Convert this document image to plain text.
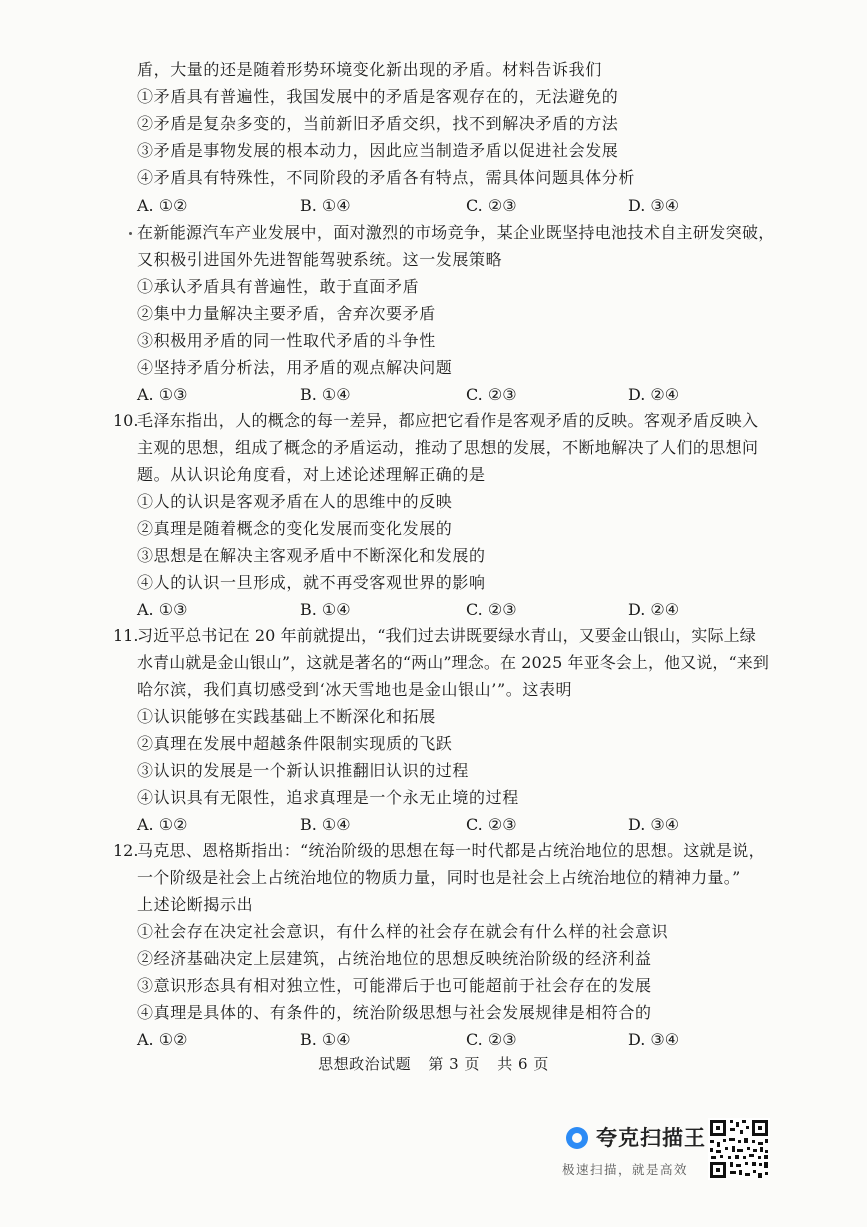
盾，大量的还是随着形势环境变化新出现的矛盾。材料告诉我们
①矛盾具有普遍性，我国发展中的矛盾是客观存在的，无法避免的
②矛盾是复杂多变的，当前新旧矛盾交织，找不到解决矛盾的方法
③矛盾是事物发展的根本动力，因此应当制造矛盾以促进社会发展
④矛盾具有特殊性，不同阶段的矛盾各有特点，需具体问题具体分析
A. ①②	B. ①④	C. ②③	D. ③④
在新能源汽车产业发展中，面对激烈的市场竞争，某企业既坚持电池技术自主研发突破，
又积极引进国外先进智能驾驶系统。这一发展策略
①承认矛盾具有普遍性，敢于直面矛盾
②集中力量解决主要矛盾，舍弃次要矛盾
③积极用矛盾的同一性取代矛盾的斗争性
④坚持矛盾分析法，用矛盾的观点解决问题
A. ①③	B. ①④	C. ②③	D. ②④
10.
毛泽东指出，人的概念的每一差异，都应把它看作是客观矛盾的反映。客观矛盾反映入
主观的思想，组成了概念的矛盾运动，推动了思想的发展，不断地解决了人们的思想问
题。从认识论角度看，对上述论述理解正确的是
①人的认识是客观矛盾在人的思维中的反映
②真理是随着概念的变化发展而变化发展的
③思想是在解决主客观矛盾中不断深化和发展的
④人的认识一旦形成，就不再受客观世界的影响
A. ①③	B. ①④	C. ②③	D. ②④
11.
习近平总书记在 20 年前就提出，“我们过去讲既要绿水青山，又要金山银山，实际上绿
水青山就是金山银山”，这就是著名的“两山”理念。在 2025 年亚冬会上，他又说，“来到
哈尔滨，我们真切感受到‘冰天雪地也是金山银山’”。这表明
①认识能够在实践基础上不断深化和拓展
②真理在发展中超越条件限制实现质的飞跃
③认识的发展是一个新认识推翻旧认识的过程
④认识具有无限性，追求真理是一个永无止境的过程
A. ①②	B. ①④	C. ②③	D. ③④
12.
马克思、恩格斯指出：“统治阶级的思想在每一时代都是占统治地位的思想。这就是说，
一个阶级是社会上占统治地位的物质力量，同时也是社会上占统治地位的精神力量。”
上述论断揭示出
①社会存在决定社会意识，有什么样的社会存在就会有什么样的社会意识
②经济基础决定上层建筑，占统治地位的思想反映统治阶级的经济利益
③意识形态具有相对独立性，可能滞后于也可能超前于社会存在的发展
④真理是具体的、有条件的，统治阶级思想与社会发展规律是相符合的
A. ①②	B. ①④	C. ②③	D. ③④
思想政治试题 第 3 页 共 6 页
夸克扫描王
极速扫描，就是高效
